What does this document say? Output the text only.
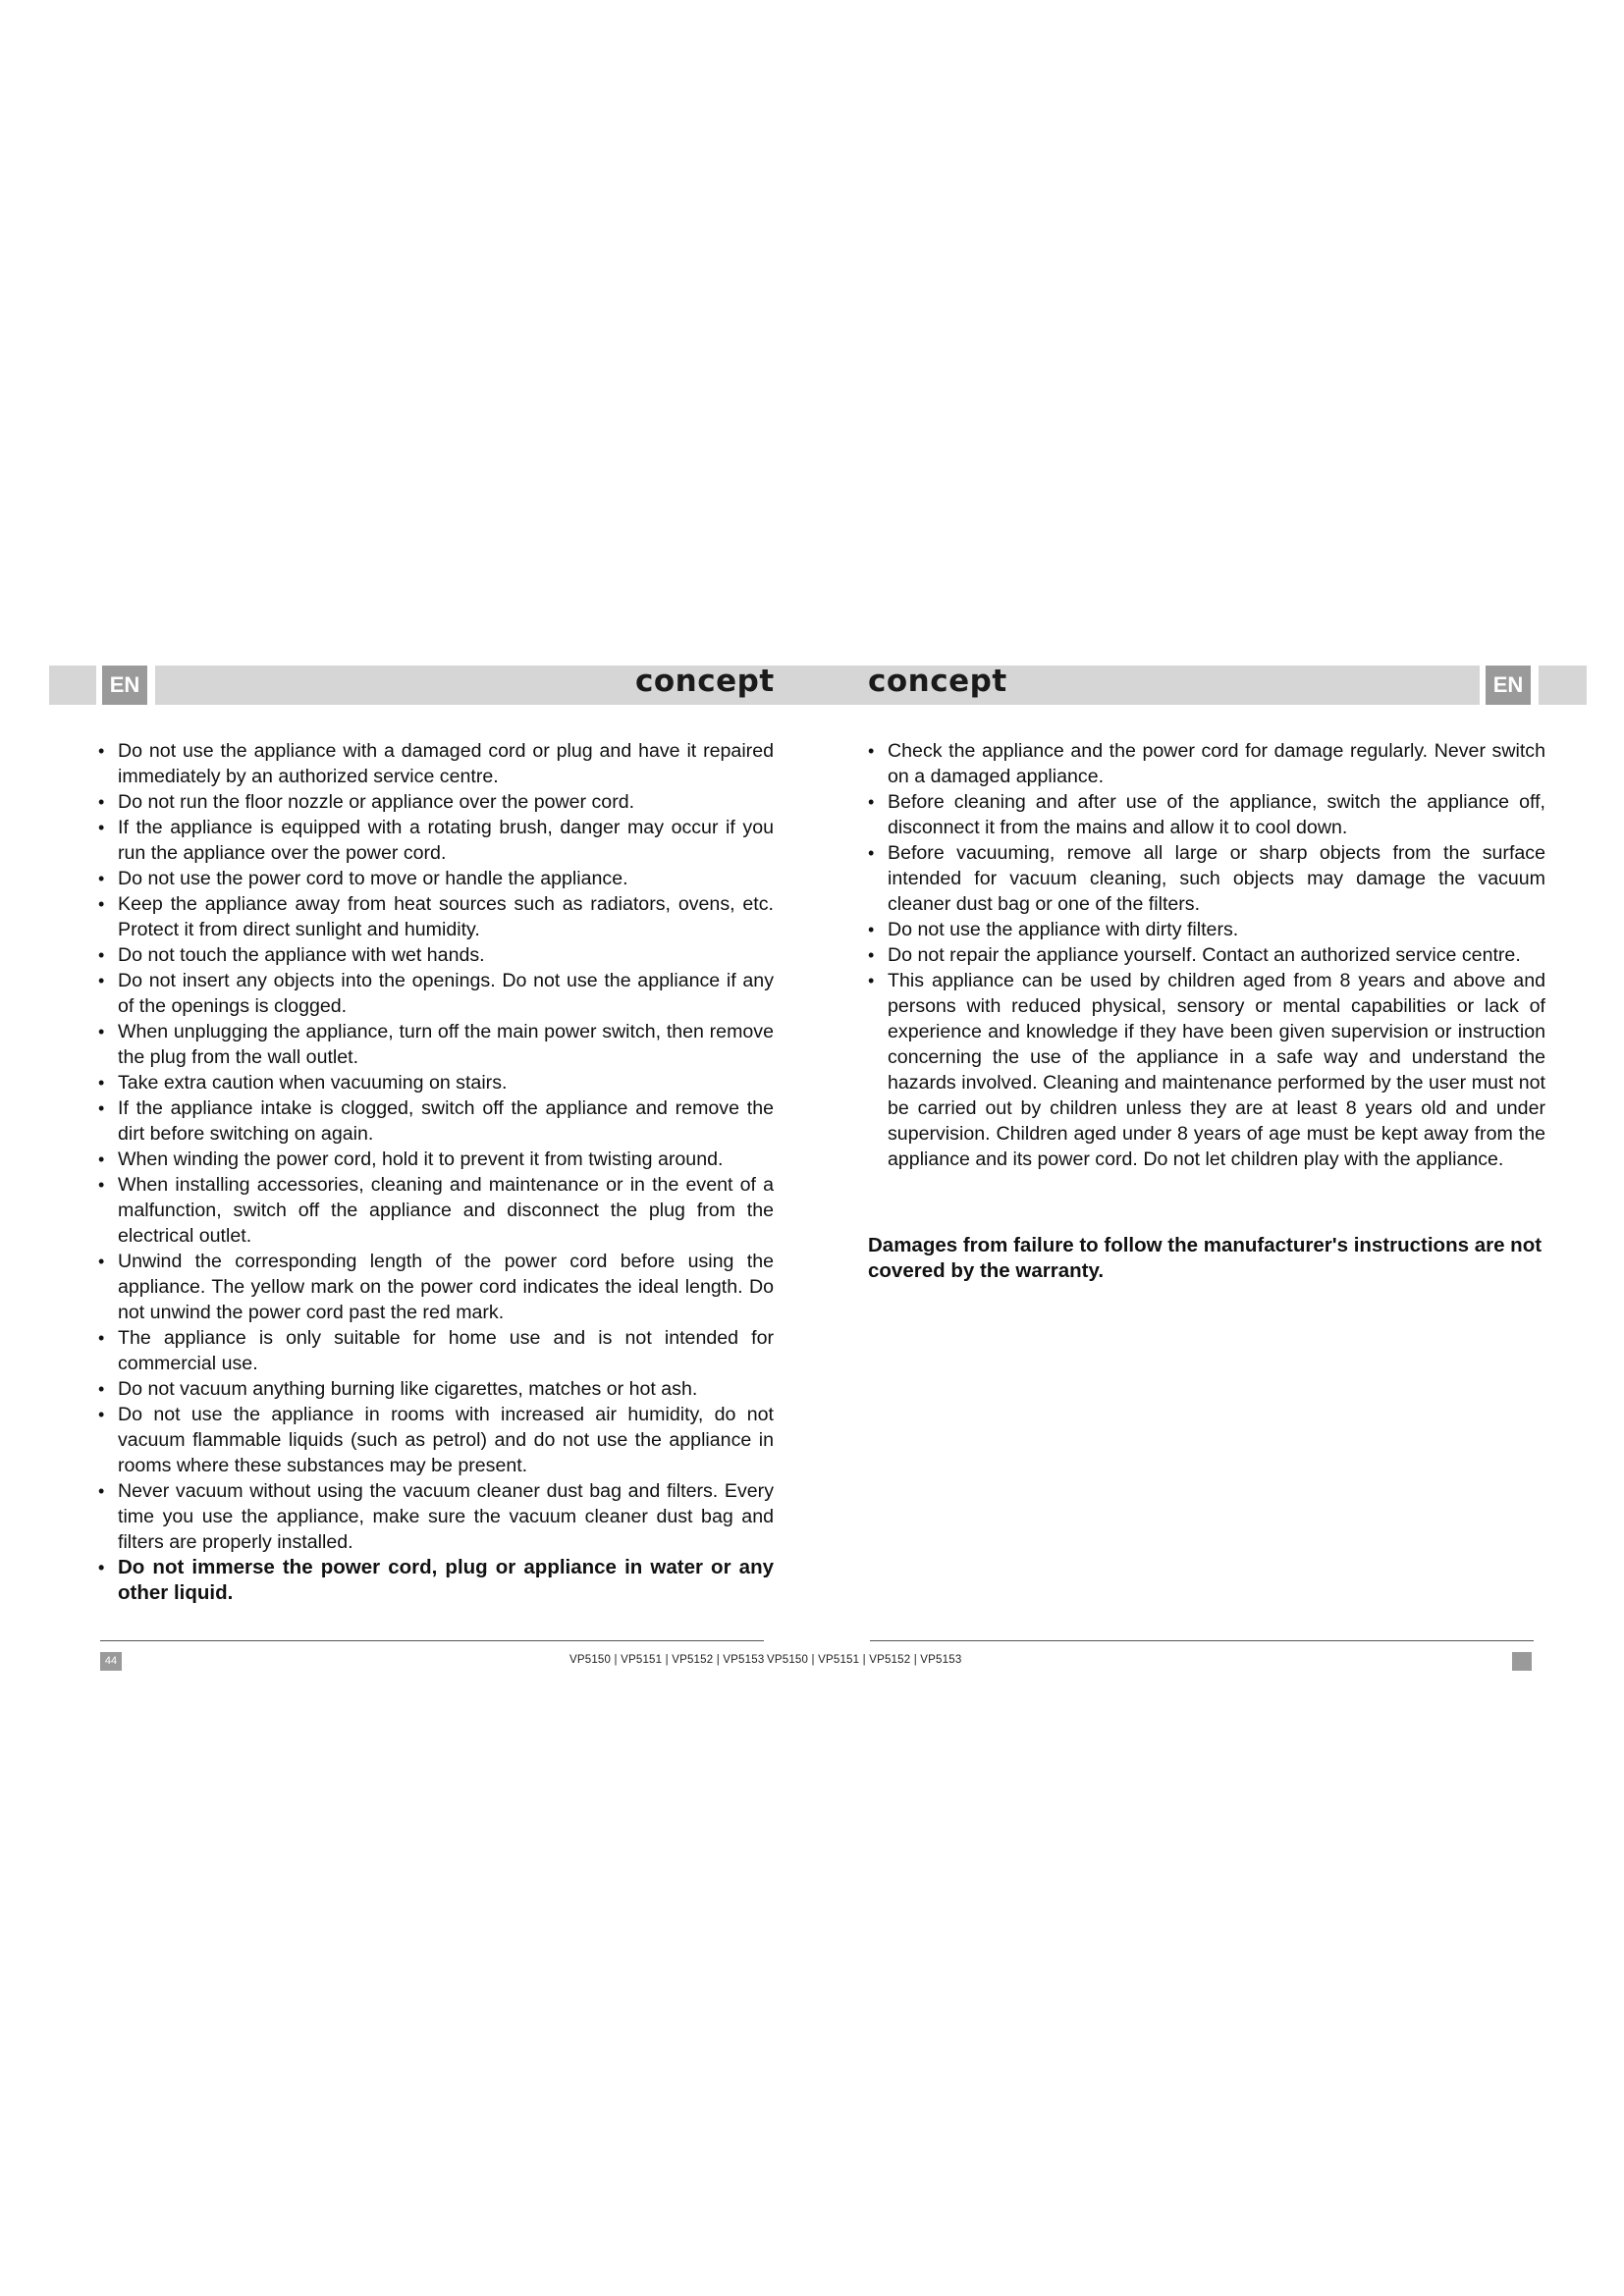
EN	EN
concept	concept
• Do not use the appliance with a damaged cord or plug and have it repaired immediately by an authorized service centre.
• Do not run the floor nozzle or appliance over the power cord.
• If the appliance is equipped with a rotating brush, danger may occur if you run the appliance over the power cord.
• Do not use the power cord to move or handle the appliance.
• Keep the appliance away from heat sources such as radiators, ovens, etc. Protect it from direct sunlight and humidity.
• Do not touch the appliance with wet hands.
• Do not insert any objects into the openings. Do not use the appliance if any of the openings is clogged.
• When unplugging the appliance, turn off the main power switch, then remove the plug from the wall outlet.
• Take extra caution when vacuuming on stairs.
• If the appliance intake is clogged, switch off the appliance and remove the dirt before switching on again.
• When winding the power cord, hold it to prevent it from twisting around.
• When installing accessories, cleaning and maintenance or in the event of a malfunction, switch off the appliance and disconnect the plug from the electrical outlet.
• Unwind the corresponding length of the power cord before using the appliance. The yellow mark on the power cord indicates the ideal length. Do not unwind the power cord past the red mark.
• The appliance is only suitable for home use and is not intended for commercial use.
• Do not vacuum anything burning like cigarettes, matches or hot ash.
• Do not use the appliance in rooms with increased air humidity, do not vacuum flammable liquids (such as petrol) and do not use the appliance in rooms where these substances may be present.
• Never vacuum without using the vacuum cleaner dust bag and filters. Every time you use the appliance, make sure the vacuum cleaner dust bag and filters are properly installed.
• Do not immerse the power cord, plug or appliance in water or any other liquid.
• Check the appliance and the power cord for damage regularly. Never switch on a damaged appliance.
• Before cleaning and after use of the appliance, switch the appliance off, disconnect it from the mains and allow it to cool down.
• Before vacuuming, remove all large or sharp objects from the surface intended for vacuum cleaning, such objects may damage the vacuum cleaner dust bag or one of the filters.
• Do not use the appliance with dirty filters.
• Do not repair the appliance yourself. Contact an authorized service centre.
• This appliance can be used by children aged from 8 years and above and persons with reduced physical, sensory or mental capabilities or lack of experience and knowledge if they have been given supervision or instruction concerning the use of the appliance in a safe way and understand the hazards involved. Cleaning and maintenance performed by the user must not be carried out by children unless they are at least 8 years old and under supervision. Children aged under 8 years of age must be kept away from the appliance and its power cord. Do not let children play with the appliance.
Damages from failure to follow the manufacturer's instructions are not covered by the warranty.
44	VP5150 | VP5151 | VP5152 | VP5153 VP5150 | VP5151 | VP5152 | VP5153
